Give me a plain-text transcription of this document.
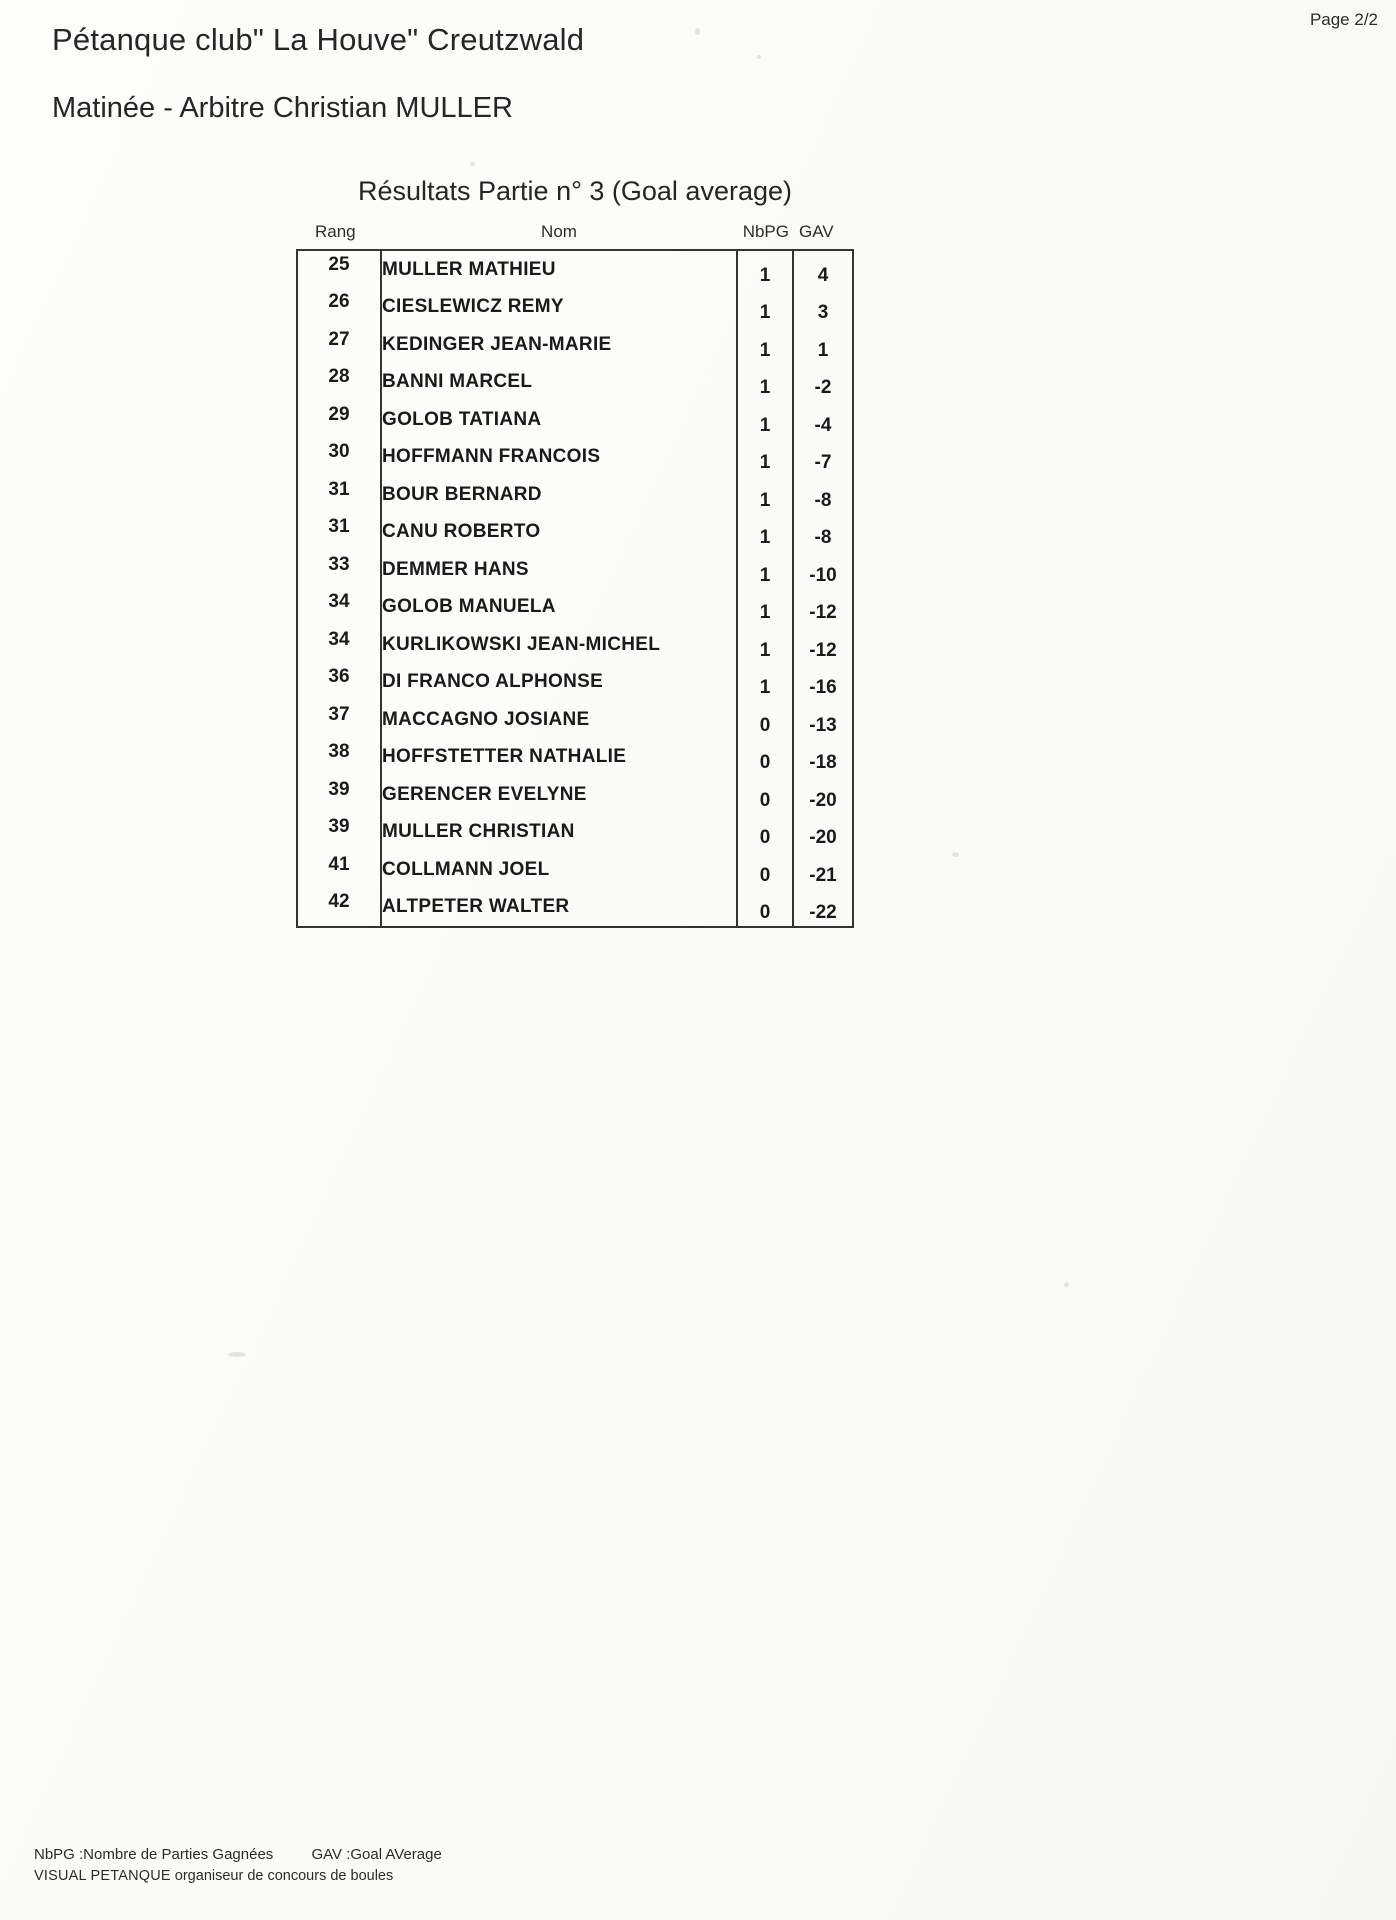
Pétanque club" La Houve" Creutzwald
Page 2/2
Matinée - Arbitre Christian MULLER
Résultats Partie n° 3 (Goal average)
Rang	Nom	NbPG	GAV
25	MULLER MATHIEU	1	4
26	CIESLEWICZ REMY	1	3
27	KEDINGER JEAN-MARIE	1	1
28	BANNI MARCEL	1	-2
29	GOLOB TATIANA	1	-4
30	HOFFMANN FRANCOIS	1	-7
31	BOUR BERNARD	1	-8
31	CANU ROBERTO	1	-8
33	DEMMER HANS	1	-10
34	GOLOB MANUELA	1	-12
34	KURLIKOWSKI JEAN-MICHEL	1	-12
36	DI FRANCO ALPHONSE	1	-16
37	MACCAGNO JOSIANE	0	-13
38	HOFFSTETTER NATHALIE	0	-18
39	GERENCER EVELYNE	0	-20
39	MULLER CHRISTIAN	0	-20
41	COLLMANN JOEL	0	-21
42	ALTPETER WALTER	0	-22
NbPG :Nombre de Parties Gagnées	GAV :Goal AVerage
VISUAL PETANQUE organiseur de concours de boules
